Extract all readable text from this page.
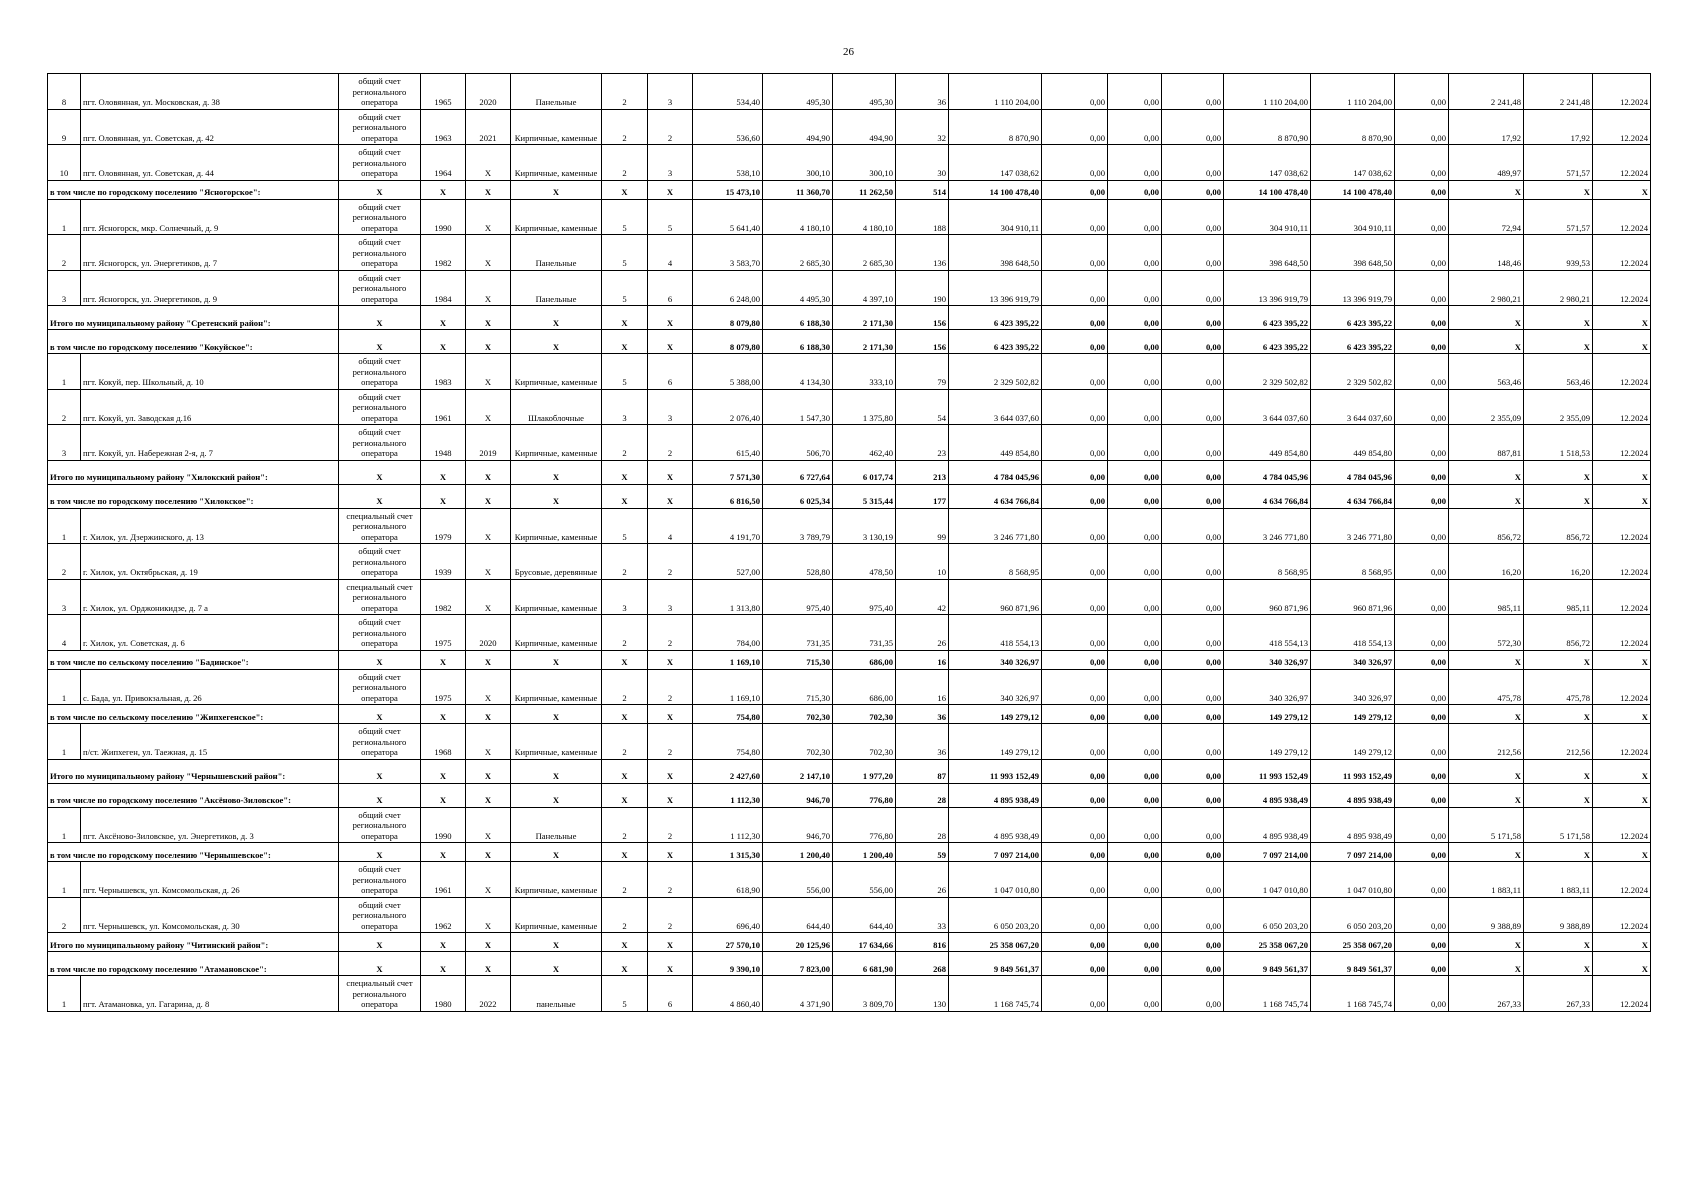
26
8	пгт. Оловянная, ул. Московская, д. 38	общий счет регионального оператора	1965	2020	Панельные	2	3	534,40	495,30	495,30	36	1 110 204,00	0,00	0,00	0,00	1 110 204,00	1 110 204,00	0,00	2 241,48	2 241,48	12.2024
9	пгт. Оловянная, ул. Советская, д. 42	общий счет регионального оператора	1963	2021	Кирпичные, каменные	2	2	536,60	494,90	494,90	32	8 870,90	0,00	0,00	0,00	8 870,90	8 870,90	0,00	17,92	17,92	12.2024
10	пгт. Оловянная, ул. Советская, д. 44	общий счет регионального оператора	1964	X	Кирпичные, каменные	2	3	538,10	300,10	300,10	30	147 038,62	0,00	0,00	0,00	147 038,62	147 038,62	0,00	489,97	571,57	12.2024
в том числе по городскому поселению "Ясногорское":		X	X	X	X	X	X	15 473,10	11 360,70	11 262,50	514	14 100 478,40	0,00	0,00	0,00	14 100 478,40	14 100 478,40	0,00	X	X	X
1	пгт. Ясногорск, мкр. Солнечный, д. 9	общий счет регионального оператора	1990	X	Кирпичные, каменные	5	5	5 641,40	4 180,10	4 180,10	188	304 910,11	0,00	0,00	0,00	304 910,11	304 910,11	0,00	72,94	571,57	12.2024
2	пгт. Ясногорск, ул. Энергетиков, д. 7	общий счет регионального оператора	1982	X	Панельные	5	4	3 583,70	2 685,30	2 685,30	136	398 648,50	0,00	0,00	0,00	398 648,50	398 648,50	0,00	148,46	939,53	12.2024
3	пгт. Ясногорск, ул. Энергетиков, д. 9	общий счет регионального оператора	1984	X	Панельные	5	6	6 248,00	4 495,30	4 397,10	190	13 396 919,79	0,00	0,00	0,00	13 396 919,79	13 396 919,79	0,00	2 980,21	2 980,21	12.2024
Итого по муниципальному району "Сретенский район":		X	X	X	X	X	X	8 079,80	6 188,30	2 171,30	156	6 423 395,22	0,00	0,00	0,00	6 423 395,22	6 423 395,22	0,00	X	X	X
в том числе по городскому поселению "Кокуйское":		X	X	X	X	X	X	8 079,80	6 188,30	2 171,30	156	6 423 395,22	0,00	0,00	0,00	6 423 395,22	6 423 395,22	0,00	X	X	X
1	пгт. Кокуй, пер. Школьный, д. 10	общий счет регионального оператора	1983	X	Кирпичные, каменные	5	6	5 388,00	4 134,30	333,10	79	2 329 502,82	0,00	0,00	0,00	2 329 502,82	2 329 502,82	0,00	563,46	563,46	12.2024
2	пгт. Кокуй, ул. Заводская д.16	общий счет регионального оператора	1961	X	Шлакоблочные	3	3	2 076,40	1 547,30	1 375,80	54	3 644 037,60	0,00	0,00	0,00	3 644 037,60	3 644 037,60	0,00	2 355,09	2 355,09	12.2024
3	пгт. Кокуй, ул. Набережная 2-я, д. 7	общий счет регионального оператора	1948	2019	Кирпичные, каменные	2	2	615,40	506,70	462,40	23	449 854,80	0,00	0,00	0,00	449 854,80	449 854,80	0,00	887,81	1 518,53	12.2024
Итого по муниципальному району "Хилокский район":		X	X	X	X	X	X	7 571,30	6 727,64	6 017,74	213	4 784 045,96	0,00	0,00	0,00	4 784 045,96	4 784 045,96	0,00	X	X	X
в том числе по городскому поселению "Хилокское":		X	X	X	X	X	X	6 816,50	6 025,34	5 315,44	177	4 634 766,84	0,00	0,00	0,00	4 634 766,84	4 634 766,84	0,00	X	X	X
1	г. Хилок, ул. Дзержинского, д. 13	специальный счет регионального оператора	1979	X	Кирпичные, каменные	5	4	4 191,70	3 789,79	3 130,19	99	3 246 771,80	0,00	0,00	0,00	3 246 771,80	3 246 771,80	0,00	856,72	856,72	12.2024
2	г. Хилок, ул. Октябрьская, д. 19	общий счет регионального оператора	1939	X	Брусовые, деревянные	2	2	527,00	528,80	478,50	10	8 568,95	0,00	0,00	0,00	8 568,95	8 568,95	0,00	16,20	16,20	12.2024
3	г. Хилок, ул. Орджоникидзе, д. 7 а	специальный счет регионального оператора	1982	X	Кирпичные, каменные	3	3	1 313,80	975,40	975,40	42	960 871,96	0,00	0,00	0,00	960 871,96	960 871,96	0,00	985,11	985,11	12.2024
4	г. Хилок, ул. Советская, д. 6	общий счет регионального оператора	1975	2020	Кирпичные, каменные	2	2	784,00	731,35	731,35	26	418 554,13	0,00	0,00	0,00	418 554,13	418 554,13	0,00	572,30	856,72	12.2024
в том числе по сельскому поселению "Бадинское":		X	X	X	X	X	X	1 169,10	715,30	686,00	16	340 326,97	0,00	0,00	0,00	340 326,97	340 326,97	0,00	X	X	X
1	с. Бада, ул. Привокзальная, д. 26	общий счет регионального оператора	1975	X	Кирпичные, каменные	2	2	1 169,10	715,30	686,00	16	340 326,97	0,00	0,00	0,00	340 326,97	340 326,97	0,00	475,78	475,78	12.2024
в том числе по сельскому поселению "Жипхегенское":		X	X	X	X	X	X	754,80	702,30	702,30	36	149 279,12	0,00	0,00	0,00	149 279,12	149 279,12	0,00	X	X	X
1	п/ст. Жипхеген, ул. Таежная, д. 15	общий счет регионального оператора	1968	X	Кирпичные, каменные	2	2	754,80	702,30	702,30	36	149 279,12	0,00	0,00	0,00	149 279,12	149 279,12	0,00	212,56	212,56	12.2024
Итого по муниципальному району "Чернышевский район":		X	X	X	X	X	X	2 427,60	2 147,10	1 977,20	87	11 993 152,49	0,00	0,00	0,00	11 993 152,49	11 993 152,49	0,00	X	X	X
в том числе по городскому поселению "Аксёново-Зиловское":		X	X	X	X	X	X	1 112,30	946,70	776,80	28	4 895 938,49	0,00	0,00	0,00	4 895 938,49	4 895 938,49	0,00	X	X	X
1	пгт. Аксёново-Зиловское, ул. Энергетиков, д. 3	общий счет регионального оператора	1990	X	Панельные	2	2	1 112,30	946,70	776,80	28	4 895 938,49	0,00	0,00	0,00	4 895 938,49	4 895 938,49	0,00	5 171,58	5 171,58	12.2024
в том числе по городскому поселению "Чернышевское":		X	X	X	X	X	X	1 315,30	1 200,40	1 200,40	59	7 097 214,00	0,00	0,00	0,00	7 097 214,00	7 097 214,00	0,00	X	X	X
1	пгт. Чернышевск, ул. Комсомольская, д. 26	общий счет регионального оператора	1961	X	Кирпичные, каменные	2	2	618,90	556,00	556,00	26	1 047 010,80	0,00	0,00	0,00	1 047 010,80	1 047 010,80	0,00	1 883,11	1 883,11	12.2024
2	пгт. Чернышевск, ул. Комсомольская, д. 30	общий счет регионального оператора	1962	X	Кирпичные, каменные	2	2	696,40	644,40	644,40	33	6 050 203,20	0,00	0,00	0,00	6 050 203,20	6 050 203,20	0,00	9 388,89	9 388,89	12.2024
Итого по муниципальному району "Читинский район":		X	X	X	X	X	X	27 570,10	20 125,96	17 634,66	816	25 358 067,20	0,00	0,00	0,00	25 358 067,20	25 358 067,20	0,00	X	X	X
в том числе по городскому поселению "Атамановское":		X	X	X	X	X	X	9 390,10	7 823,00	6 681,90	268	9 849 561,37	0,00	0,00	0,00	9 849 561,37	9 849 561,37	0,00	X	X	X
1	пгт. Атамановка, ул. Гагарина, д. 8	специальный счет регионального оператора	1980	2022	панельные	5	6	4 860,40	4 371,90	3 809,70	130	1 168 745,74	0,00	0,00	0,00	1 168 745,74	1 168 745,74	0,00	267,33	267,33	12.2024
